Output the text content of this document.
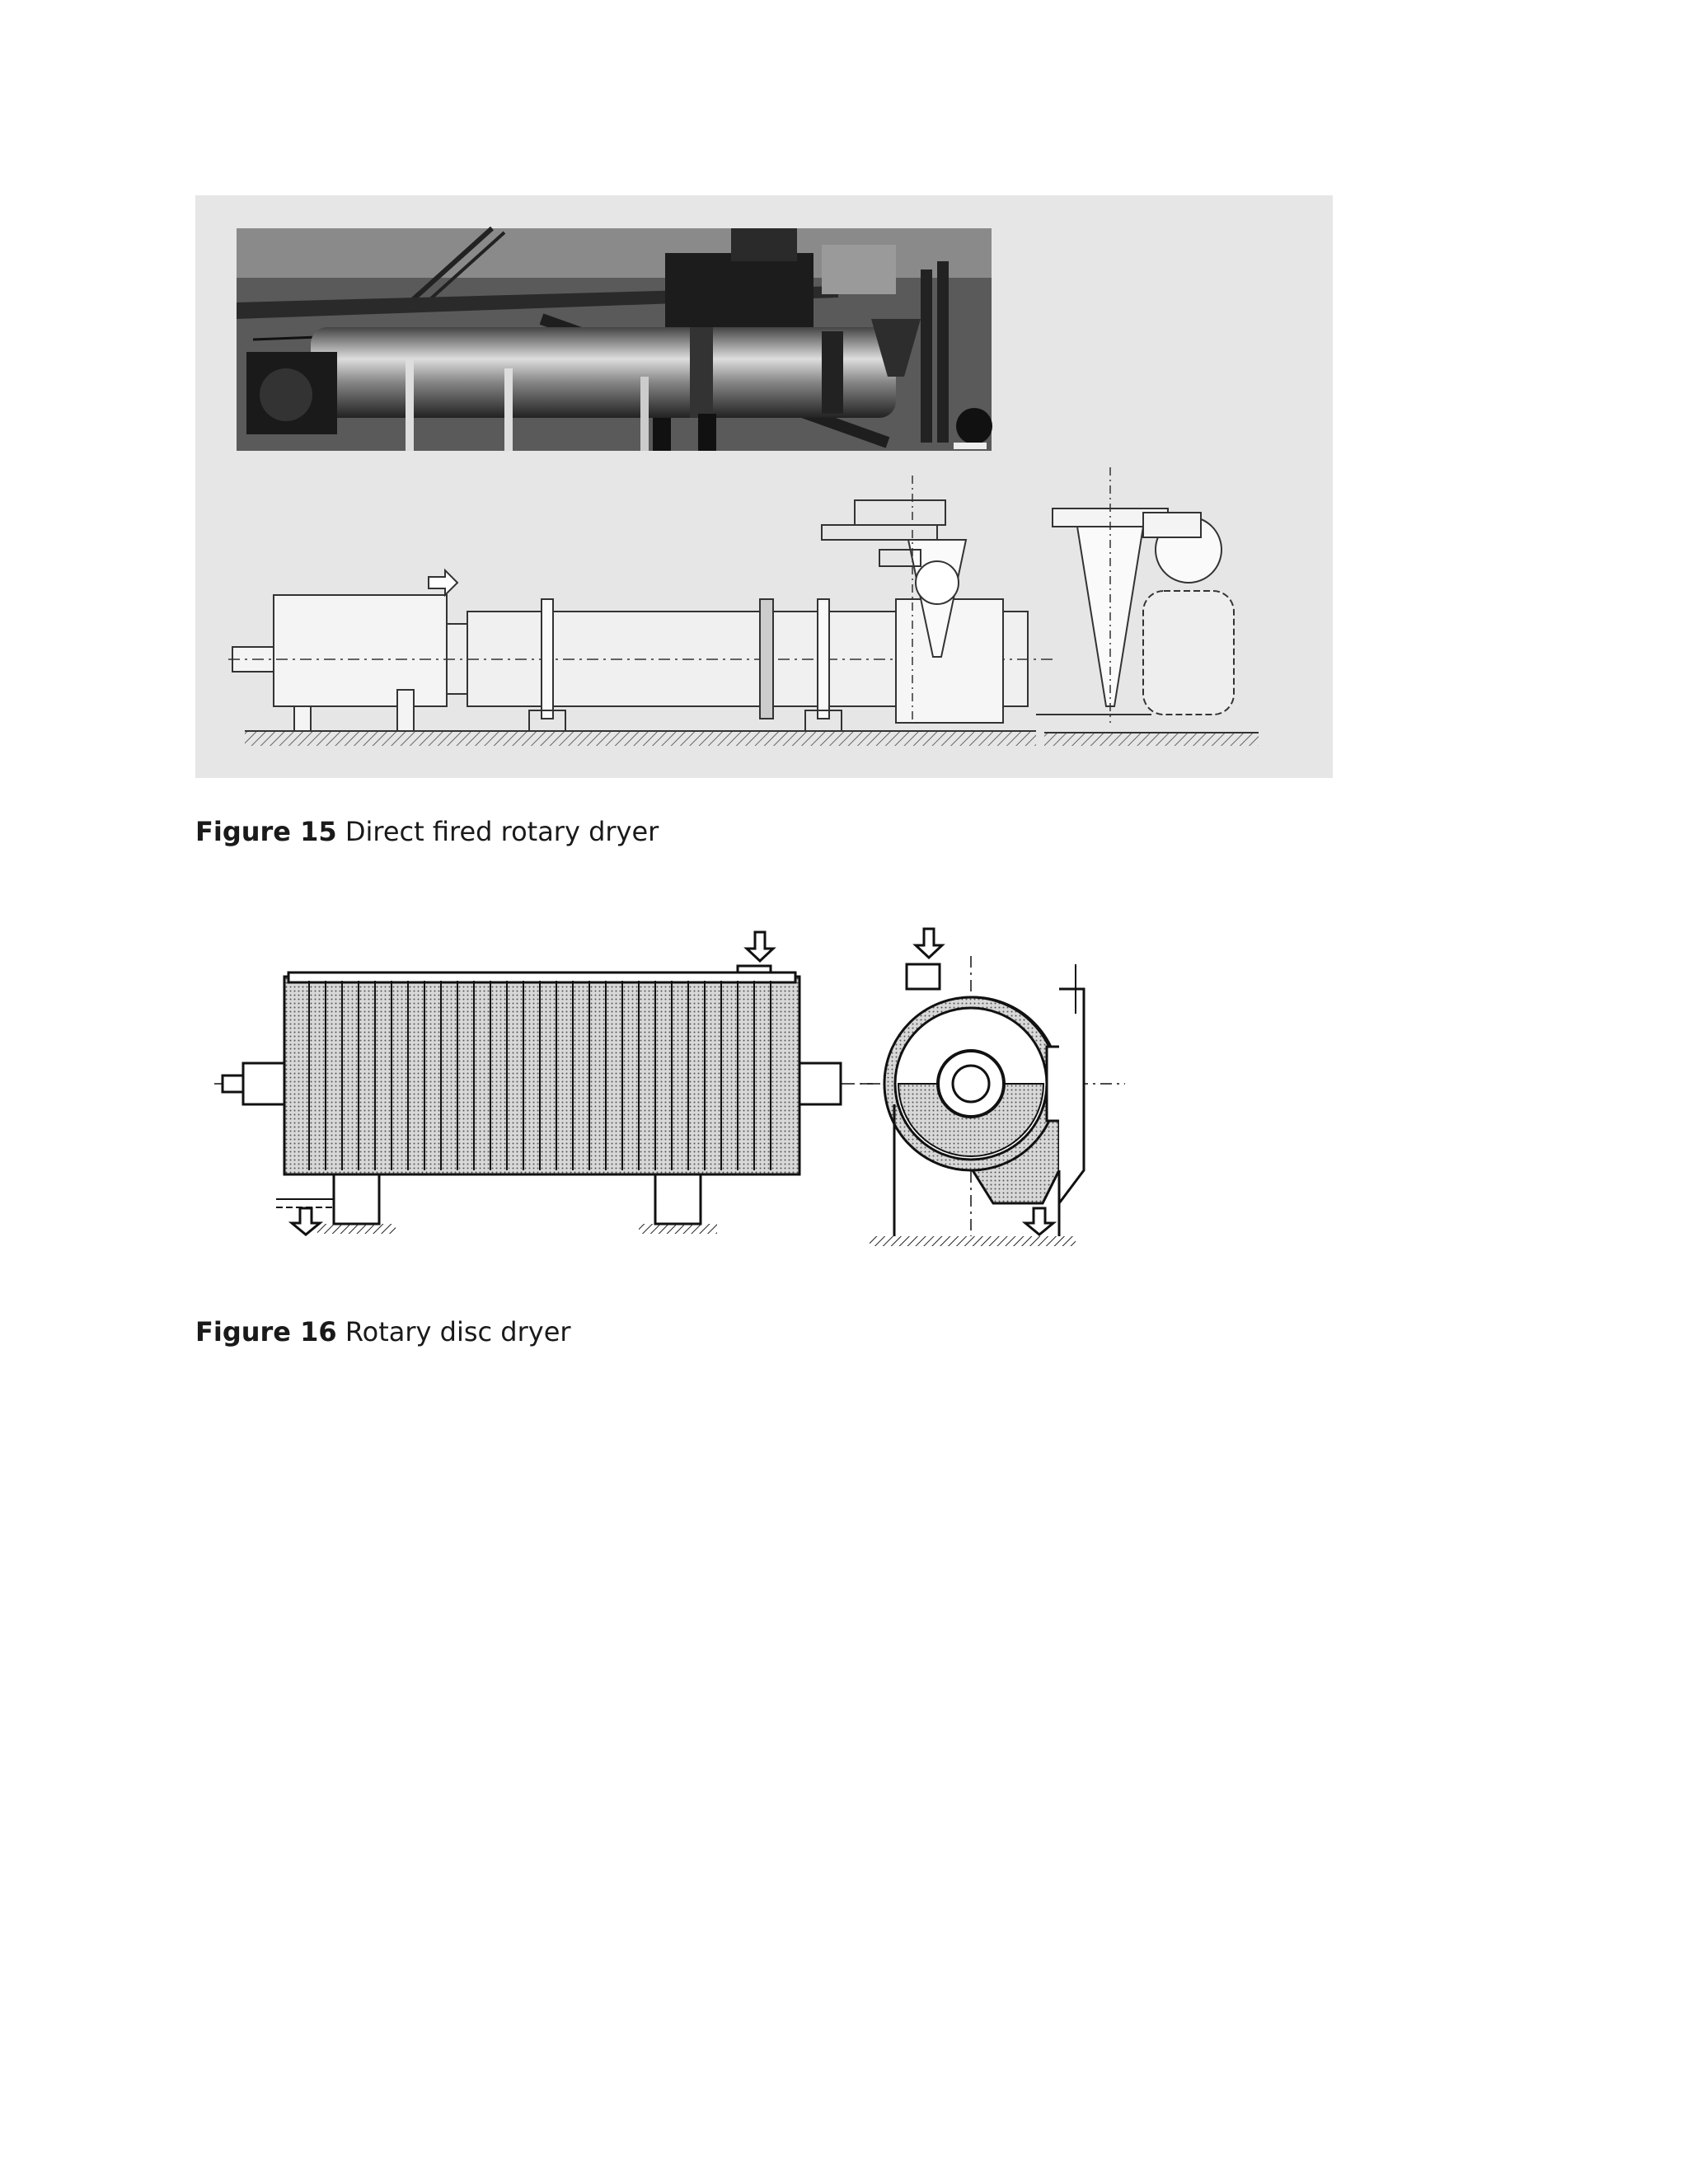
Figure 15 Direct fired rotary dryer
Figure 16 Rotary disc dryer
